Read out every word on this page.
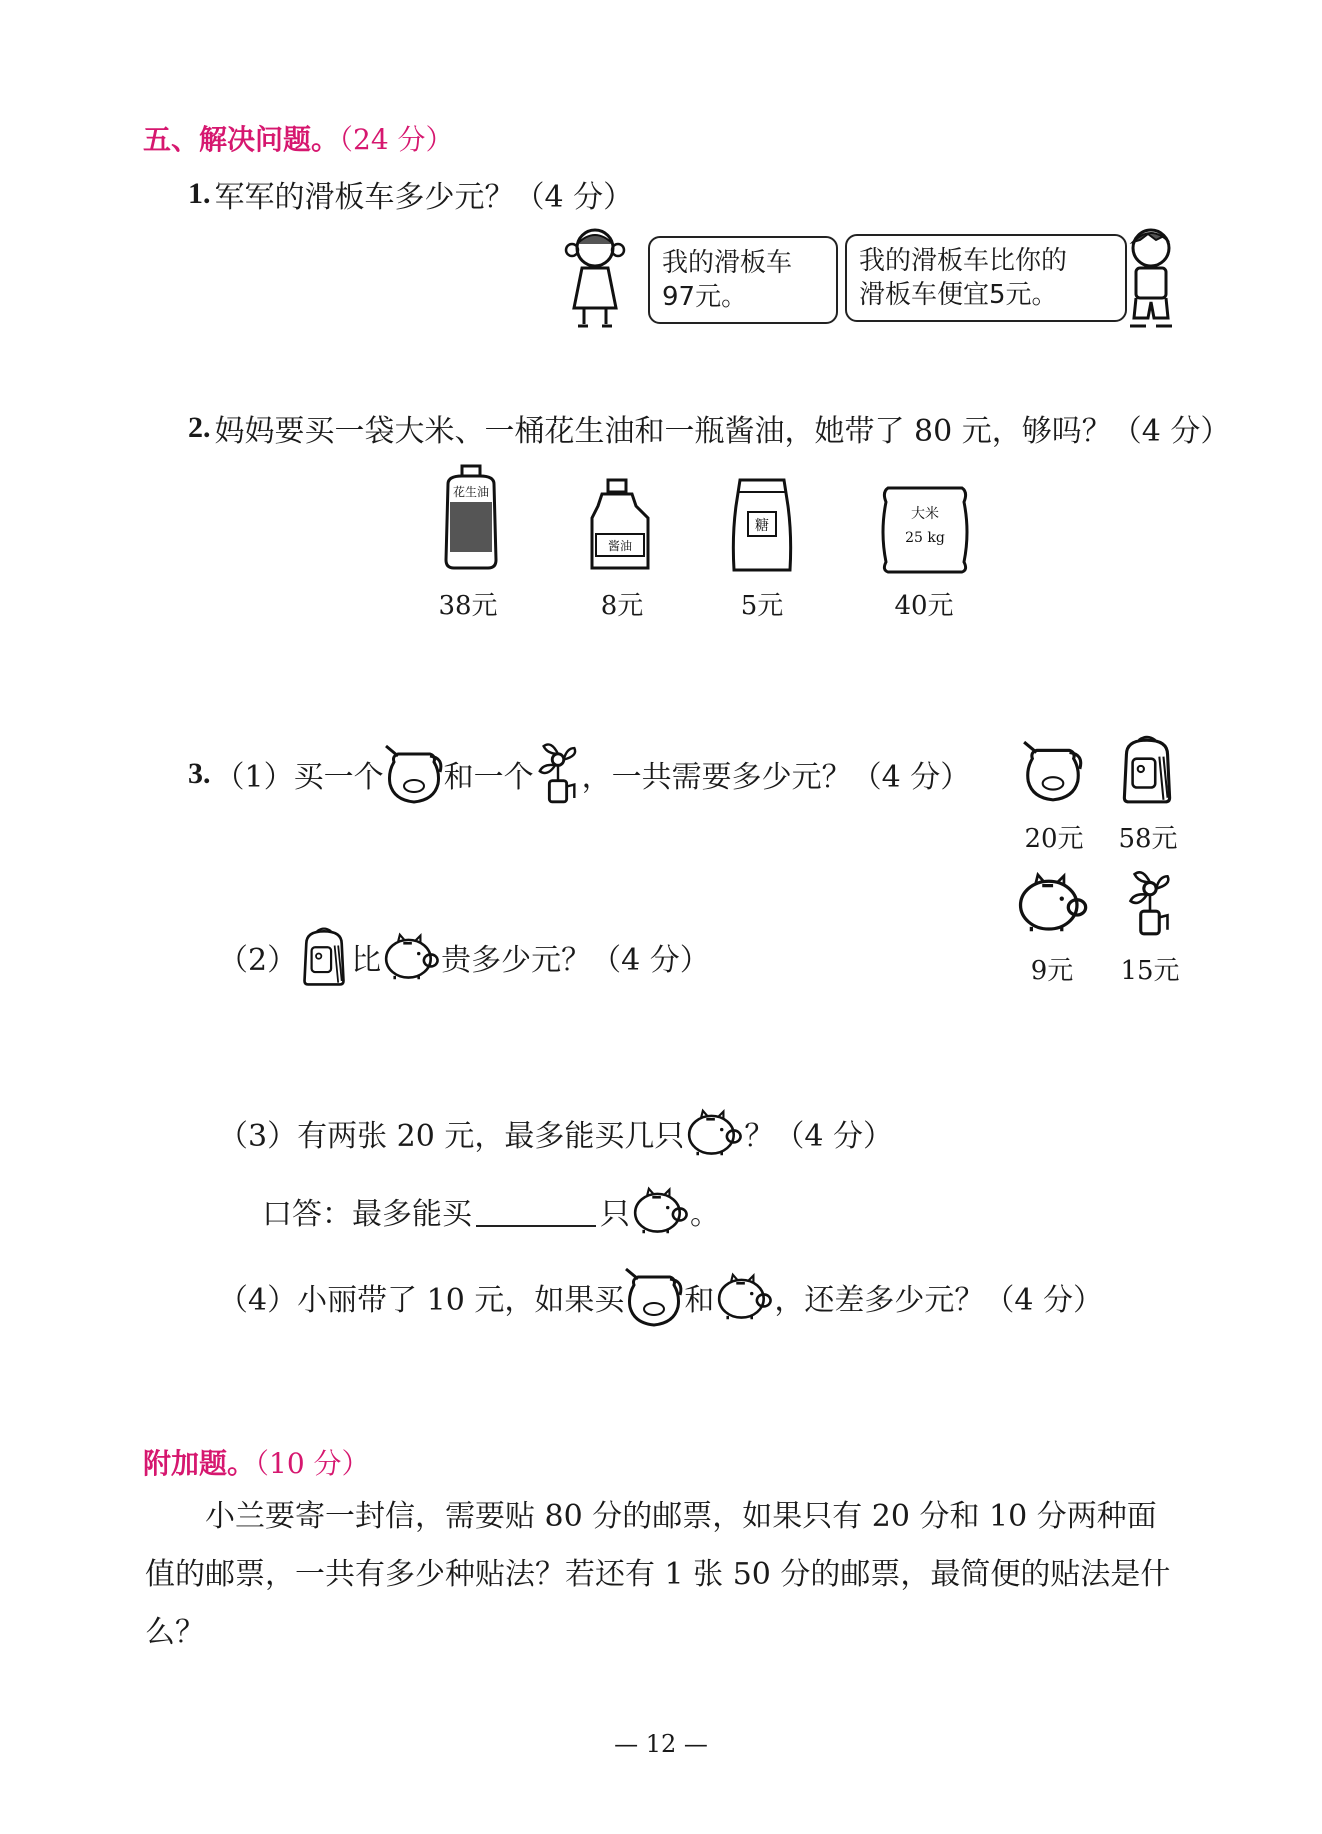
五、解决问题。（24 分）
1. 军军的滑板车多少元？（4 分）
我的滑板车
97元。
我的滑板车比你的
滑板车便宜5元。
2. 妈妈要买一袋大米、一桶花生油和一瓶酱油，她带了 80 元，够吗？（4 分）
花生油
酱油
糖
大米
25 kg
38元	8元	5元	40元
3. （1）买一个 和一个 ，一共需要多少元？（4 分）
20元	58元
9元	15元
（2） 比 贵多少元？（4 分）
（3）有两张 20 元，最多能买几只 ？（4 分）
口答：最多能买	只 。
（4）小丽带了 10 元，如果买 和 ，还差多少元？（4 分）
附加题。（10 分）
小兰要寄一封信，需要贴 80 分的邮票，如果只有 20 分和 10 分两种面值的邮票，一共有多少种贴法？若还有 1 张 50 分的邮票，最简便的贴法是什么？
— 12 —
